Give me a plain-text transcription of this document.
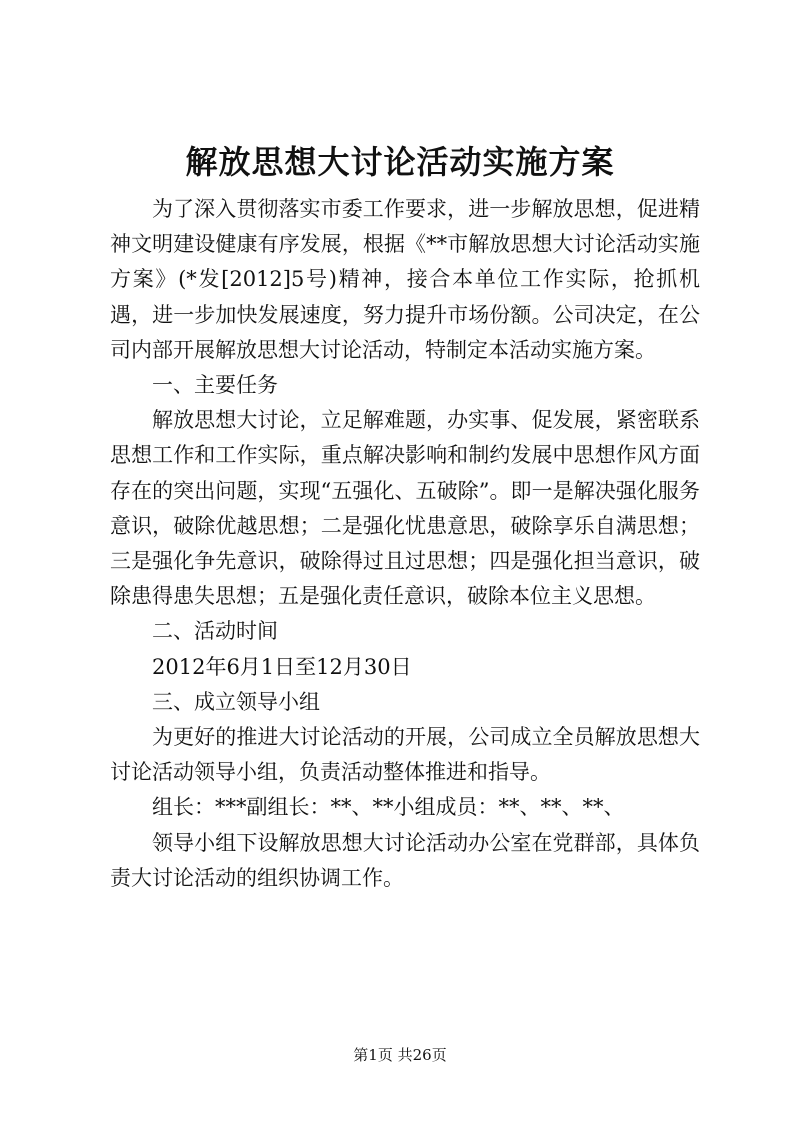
解放思想大讨论活动实施方案

为了深入贯彻落实市委工作要求，进一步解放思想，促进精神文明建设健康有序发展，根据《**市解放思想大讨论活动实施方案》(*发[2012]5号)精神，接合本单位工作实际，抢抓机遇，进一步加快发展速度，努力提升市场份额。公司决定，在公司内部开展解放思想大讨论活动，特制定本活动实施方案。

一、主要任务

解放思想大讨论，立足解难题，办实事、促发展，紧密联系思想工作和工作实际，重点解决影响和制约发展中思想作风方面存在的突出问题，实现“五强化、五破除”。即一是解决强化服务意识，破除优越思想；二是强化忧患意思，破除享乐自满思想；三是强化争先意识，破除得过且过思想；四是强化担当意识，破除患得患失思想；五是强化责任意识，破除本位主义思想。

二、活动时间

2012年6月1日至12月30日

三、成立领导小组

为更好的推进大讨论活动的开展，公司成立全员解放思想大讨论活动领导小组，负责活动整体推进和指导。

组长：***副组长：**、**小组成员：**、**、**、

领导小组下设解放思想大讨论活动办公室在党群部，具体负责大讨论活动的组织协调工作。

第1页 共26页
